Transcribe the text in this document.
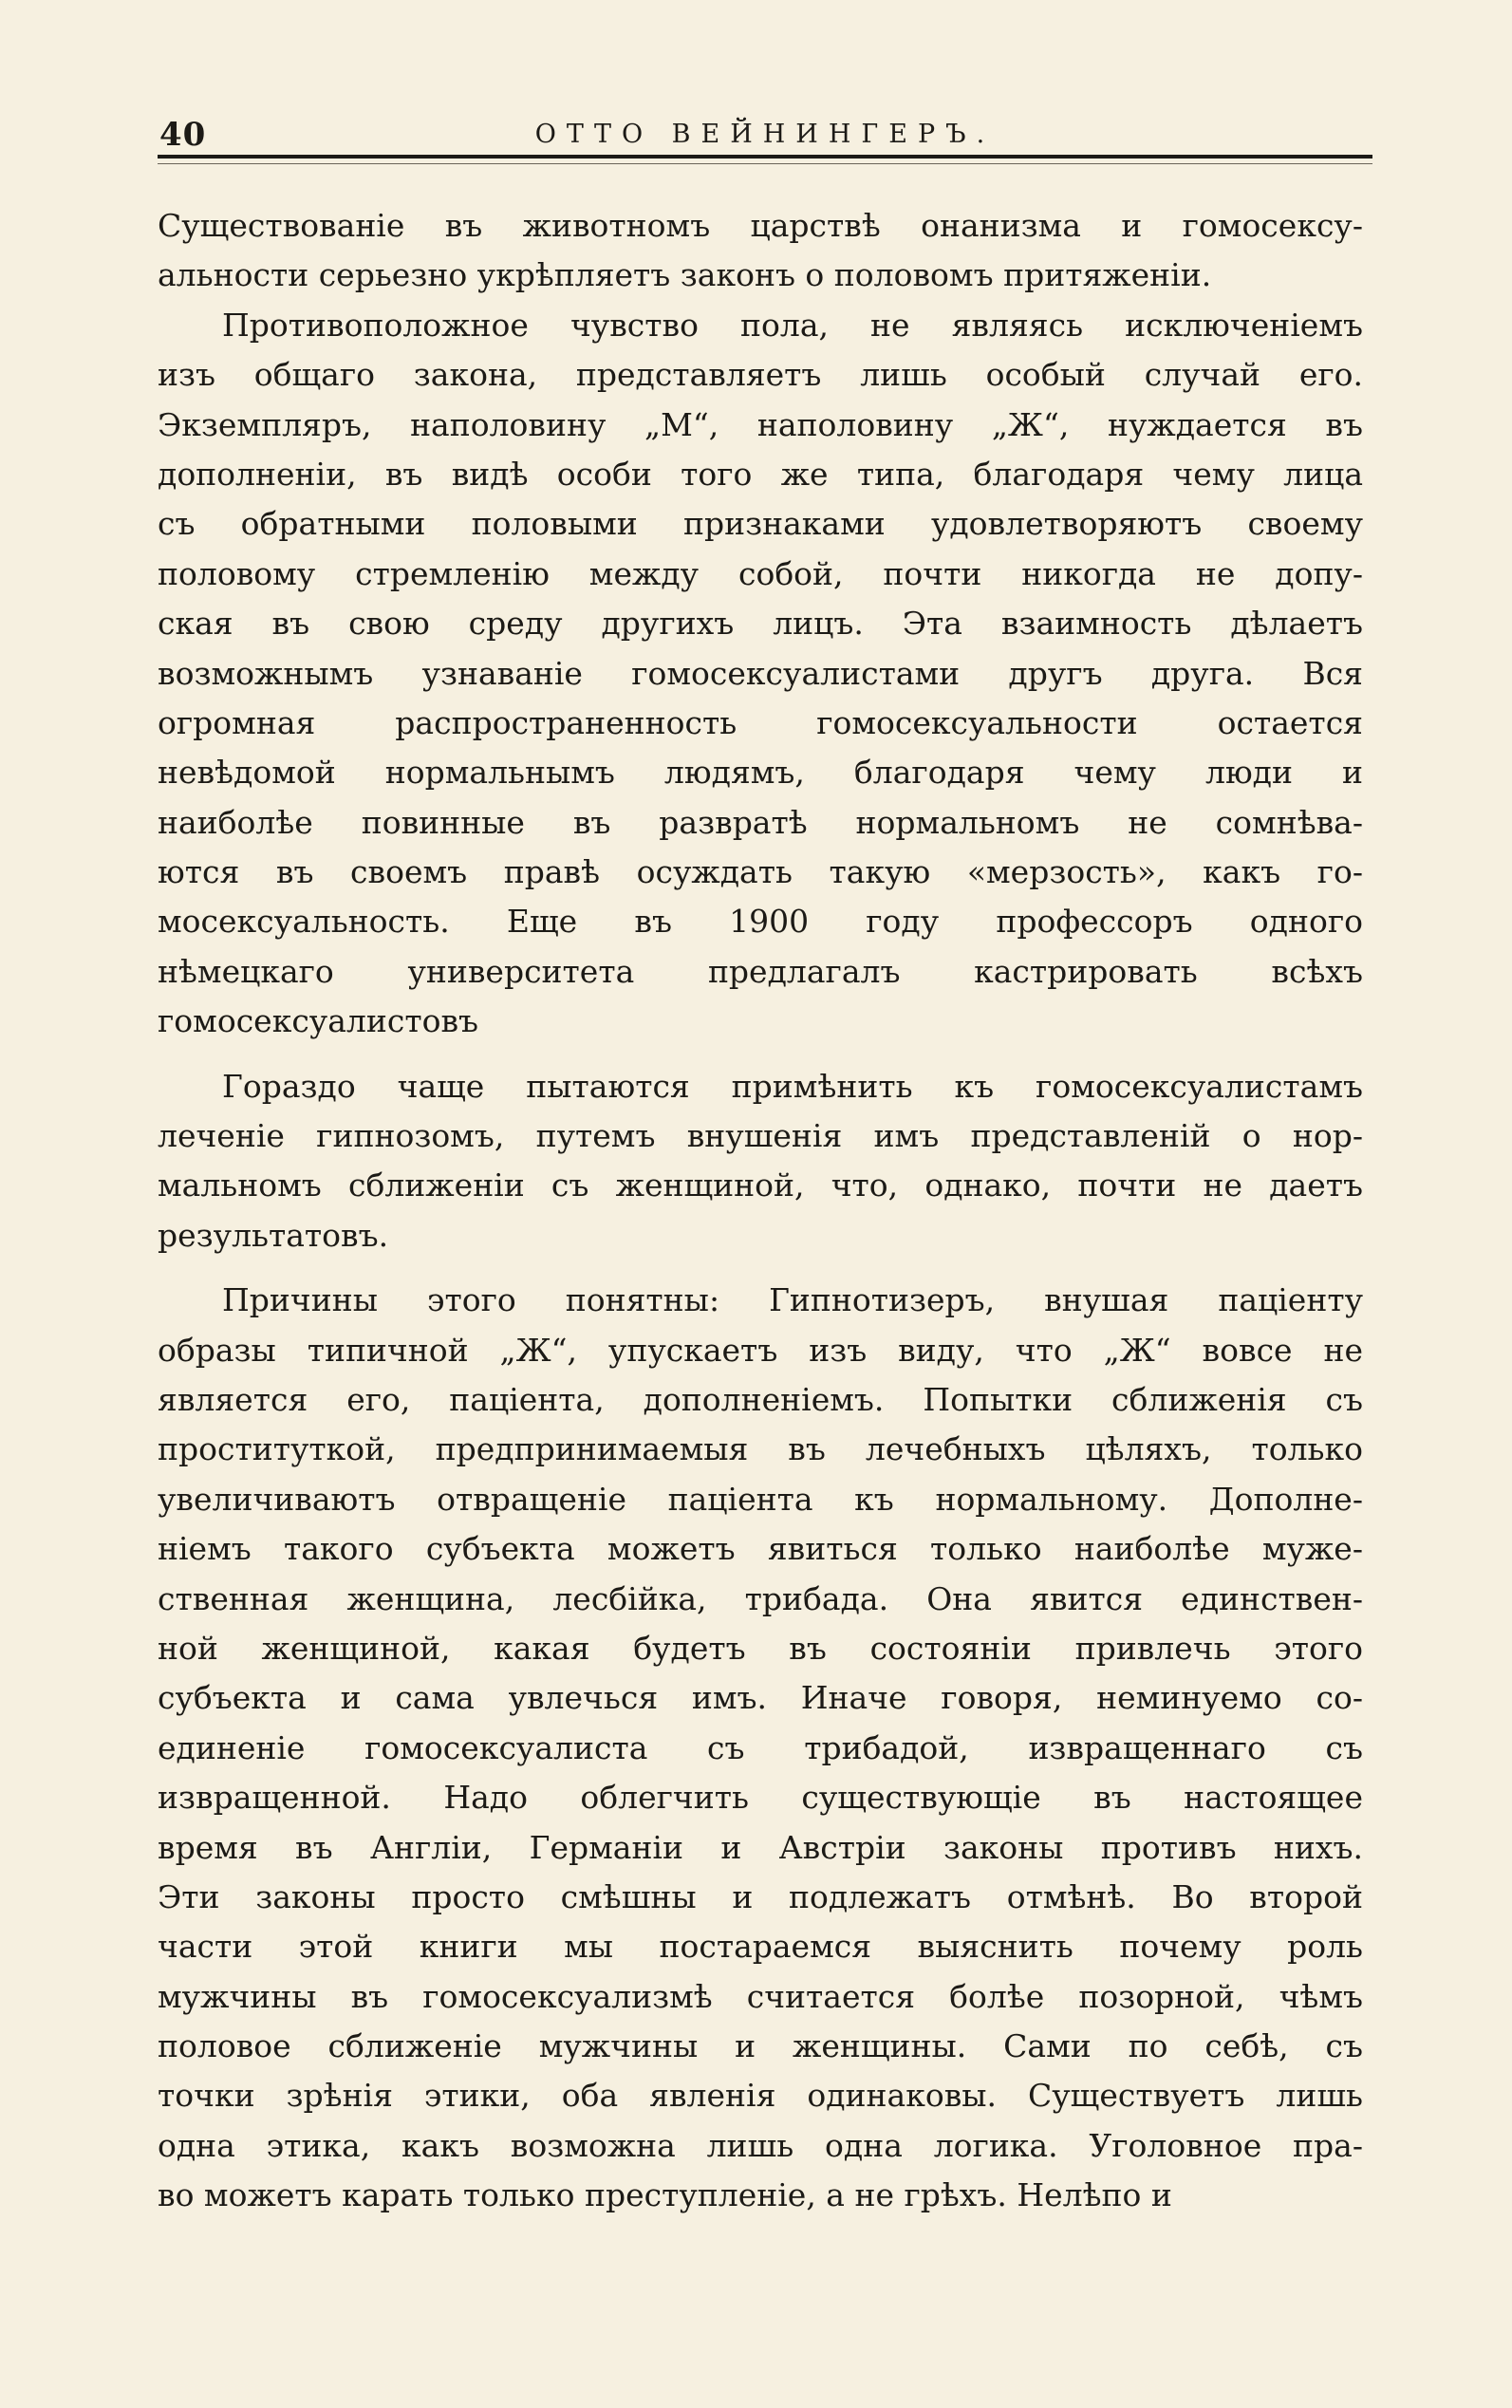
40	ОТТО ВЕЙНИНГЕРЪ.
Существованіе въ животномъ царствѣ онанизма и гомосексу-
альности серьезно укрѣпляетъ законъ о половомъ притяженіи.
Противоположное чувство пола, не являясь исключеніемъ
изъ общаго закона, представляетъ лишь особый случай его.
Экземпляръ, наполовину „М“, наполовину „Ж“, нуждается въ
дополненіи, въ видѣ особи того же типа, благодаря чему лица
съ обратными половыми признаками удовлетворяютъ своему
половому стремленію между собой, почти никогда не допу-
ская въ свою среду другихъ лицъ. Эта взаимность дѣлаетъ
возможнымъ узнаваніе гомосексуалистами другъ друга. Вся
огромная распространенность гомосексуальности остается
невѣдомой нормальнымъ людямъ, благодаря чему люди и
наиболѣе повинные въ развратѣ нормальномъ не сомнѣва-
ются въ своемъ правѣ осуждать такую «мерзость», какъ го-
мосексуальность. Еще въ 1900 году профессоръ одного
нѣмецкаго университета предлагалъ кастрировать всѣхъ
гомосексуалистовъ
Гораздо чаще пытаются примѣнить къ гомосексуалистамъ
леченіе гипнозомъ, путемъ внушенія имъ представленій о нор-
мальномъ сближеніи съ женщиной, что, однако, почти не даетъ
результатовъ.
Причины этого понятны: Гипнотизеръ, внушая паціенту
образы типичной „Ж“, упускаетъ изъ виду, что „Ж“ вовсе не
является его, паціента, дополненіемъ. Попытки сближенія съ
проституткой, предпринимаемыя въ лечебныхъ цѣляхъ, только
увеличиваютъ отвращеніе паціента къ нормальному. Дополне-
ніемъ такого субъекта можетъ явиться только наиболѣе муже-
ственная женщина, лесбійка, трибада. Она явится единствен-
ной женщиной, какая будетъ въ состояніи привлечь этого
субъекта и сама увлечься имъ. Иначе говоря, неминуемо со-
единеніе гомосексуалиста съ трибадой, извращеннаго съ
извращенной. Надо облегчить существующіе въ настоящее
время въ Англіи, Германіи и Австріи законы противъ нихъ.
Эти законы просто смѣшны и подлежатъ отмѣнѣ. Во второй
части этой книги мы постараемся выяснить почему роль
мужчины въ гомосексуализмѣ считается болѣе позорной, чѣмъ
половое сближеніе мужчины и женщины. Сами по себѣ, съ
точки зрѣнія этики, оба явленія одинаковы. Существуетъ лишь
одна этика, какъ возможна лишь одна логика. Уголовное пра-
во можетъ карать только преступленіе, а не грѣхъ. Нелѣпо и
